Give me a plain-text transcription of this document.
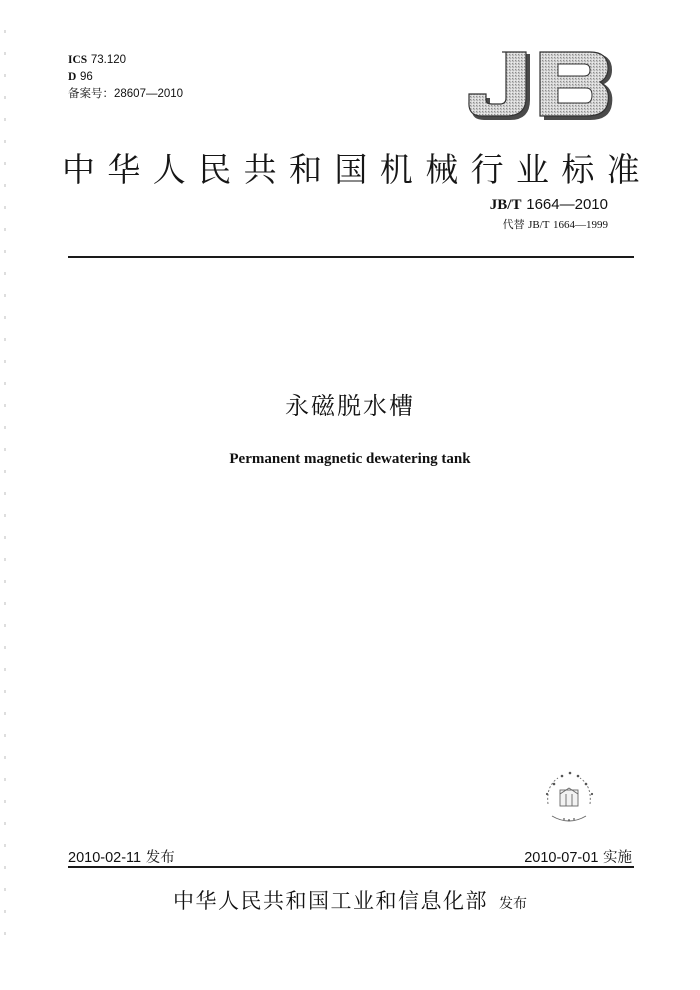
ICS 73.120
D 96
备案号：28607—2010
中华人民共和国机械行业标准
JB/T 1664—2010
代替 JB/T 1664—1999
永磁脱水槽
Permanent magnetic dewatering tank
2010-02-11 发布	2010-07-01 实施
中华人民共和国工业和信息化部 发布
